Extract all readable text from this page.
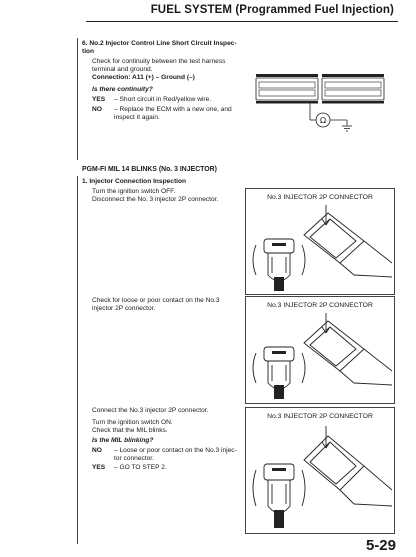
FUEL SYSTEM (Programmed Fuel Injection)
6. No.2 Injector Control Line Short Circuit Inspec-tion
Check for continuity between the test harness terminal and ground.
Connection: A11 (+) – Ground (–)
Is there continuity?
YES	– Short circuit in Red/yellow wire.
NO	– Replace the ECM with a new one, and inspect it again.	Ω
PGM-FI MIL 14 BLINKS (No. 3 INJECTOR)
1. Injector Connection Inspection
Turn the ignition switch OFF.
Disconnect the No. 3 injector 2P connector.
Check for loose or poor contact on the No.3 injector 2P connector.
Connect the No.3 injector 2P connector.
Turn the ignition switch ON.
Check that the MIL blinks.
Is the MIL blinking?
NO	– Loose or poor contact on the No.3 injec-tor connector.
YES	– GO TO STEP 2.
No.3 INJECTOR 2P CONNECTOR
No.3 INJECTOR 2P CONNECTOR
No.3 INJECTOR 2P CONNECTOR
5-29
